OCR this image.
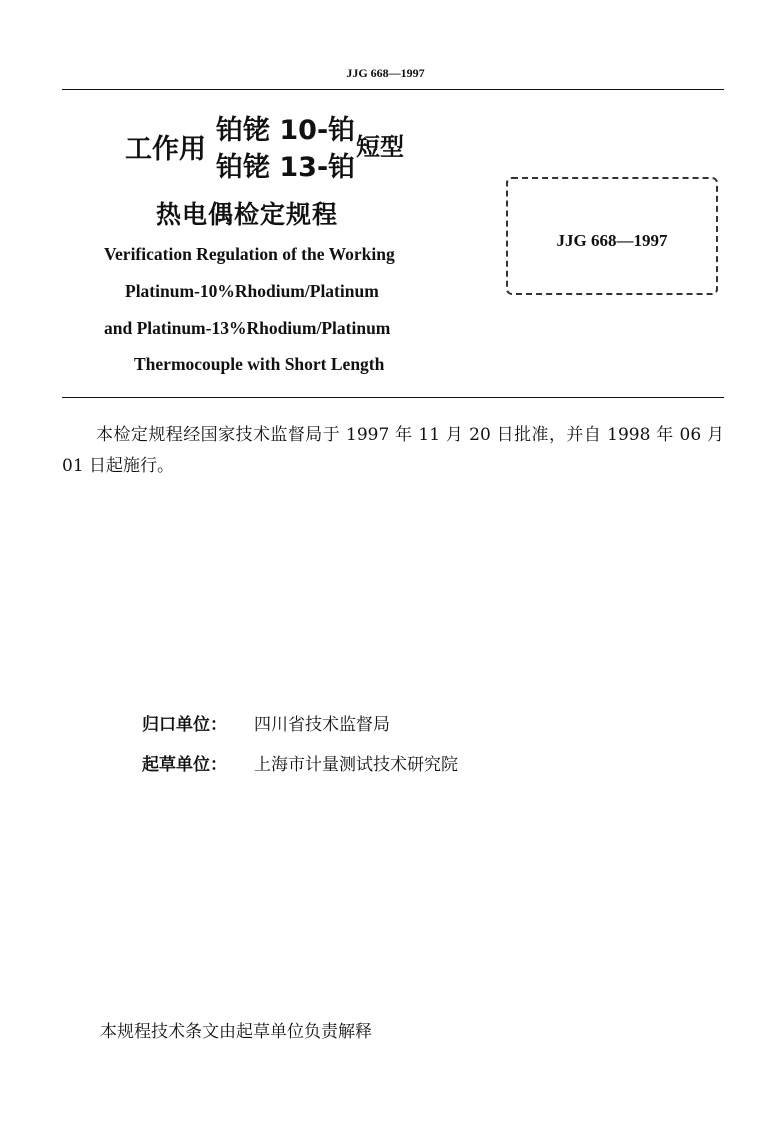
JJG 668—1997
工作用
铂铑 10-铂
铂铑 13-铂
短型
热电偶检定规程
Verification Regulation of the Working
Platinum-10%Rhodium/Platinum
and Platinum-13%Rhodium/Platinum
Thermocouple with Short Length
JJG 668—1997
本检定规程经国家技术监督局于 1997 年 11 月 20 日批准，并自 1998 年 06 月 01 日起施行。
归口单位： 四川省技术监督局
起草单位： 上海市计量测试技术研究院
本规程技术条文由起草单位负责解释
